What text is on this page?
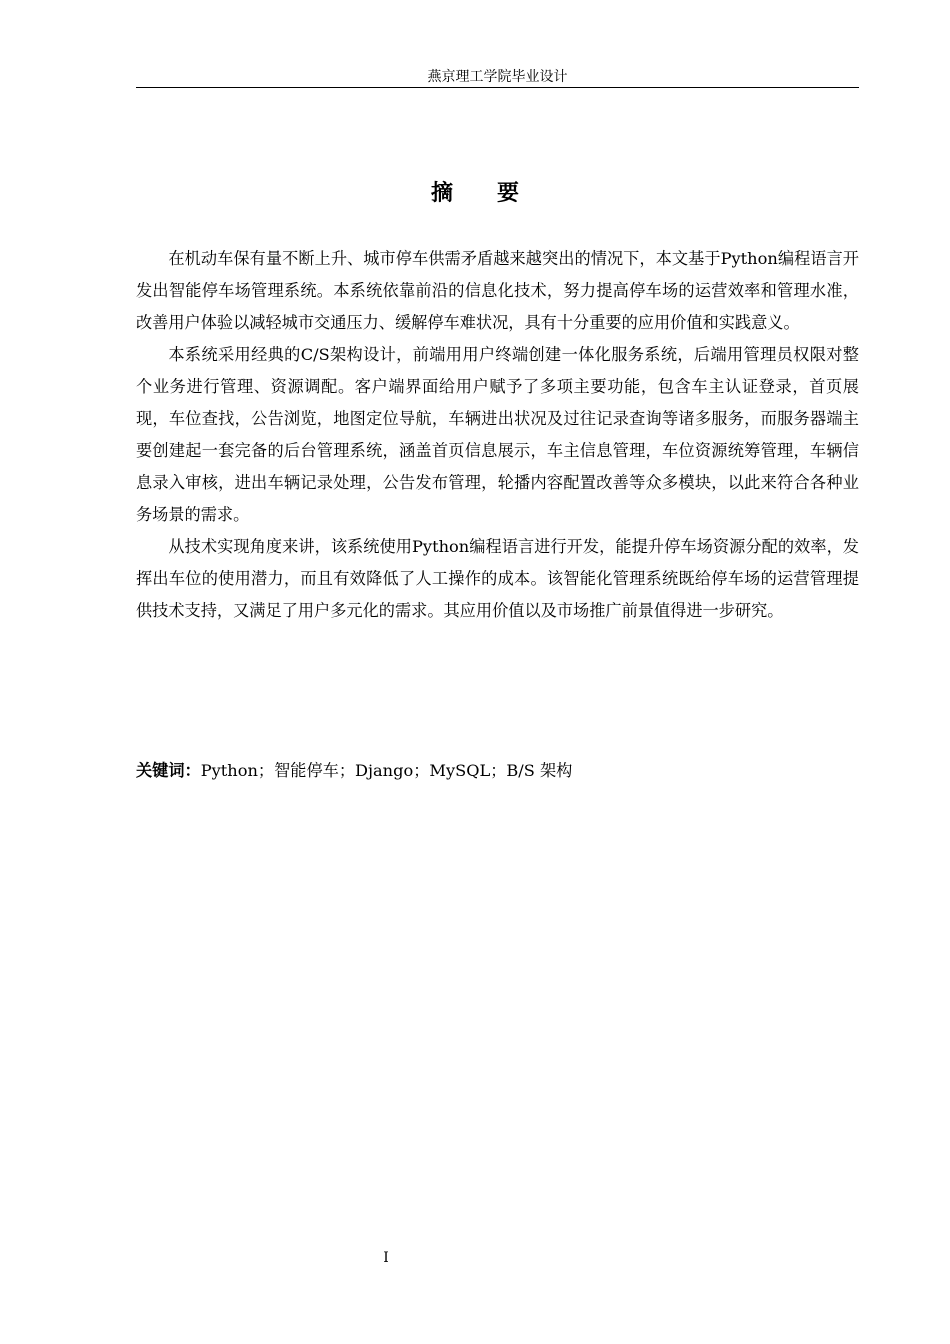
燕京理工学院毕业设计
摘 要

在机动车保有量不断上升、城市停车供需矛盾越来越突出的情况下，本文基于Python编程语言开发出智能停车场管理系统。本系统依靠前沿的信息化技术，努力提高停车场的运营效率和管理水准，改善用户体验以减轻城市交通压力、缓解停车难状况，具有十分重要的应用价值和实践意义。

本系统采用经典的C/S架构设计，前端用用户终端创建一体化服务系统，后端用管理员权限对整个业务进行管理、资源调配。客户端界面给用户赋予了多项主要功能，包含车主认证登录，首页展现，车位查找，公告浏览，地图定位导航，车辆进出状况及过往记录查询等诸多服务，而服务器端主要创建起一套完备的后台管理系统，涵盖首页信息展示，车主信息管理，车位资源统筹管理，车辆信息录入审核，进出车辆记录处理，公告发布管理，轮播内容配置改善等众多模块，以此来符合各种业务场景的需求。

从技术实现角度来讲，该系统使用Python编程语言进行开发，能提升停车场资源分配的效率，发挥出车位的使用潜力，而且有效降低了人工操作的成本。该智能化管理系统既给停车场的运营管理提供技术支持，又满足了用户多元化的需求。其应用价值以及市场推广前景值得进一步研究。

关键词：Python；智能停车；Django；MySQL；B/S 架构
I
